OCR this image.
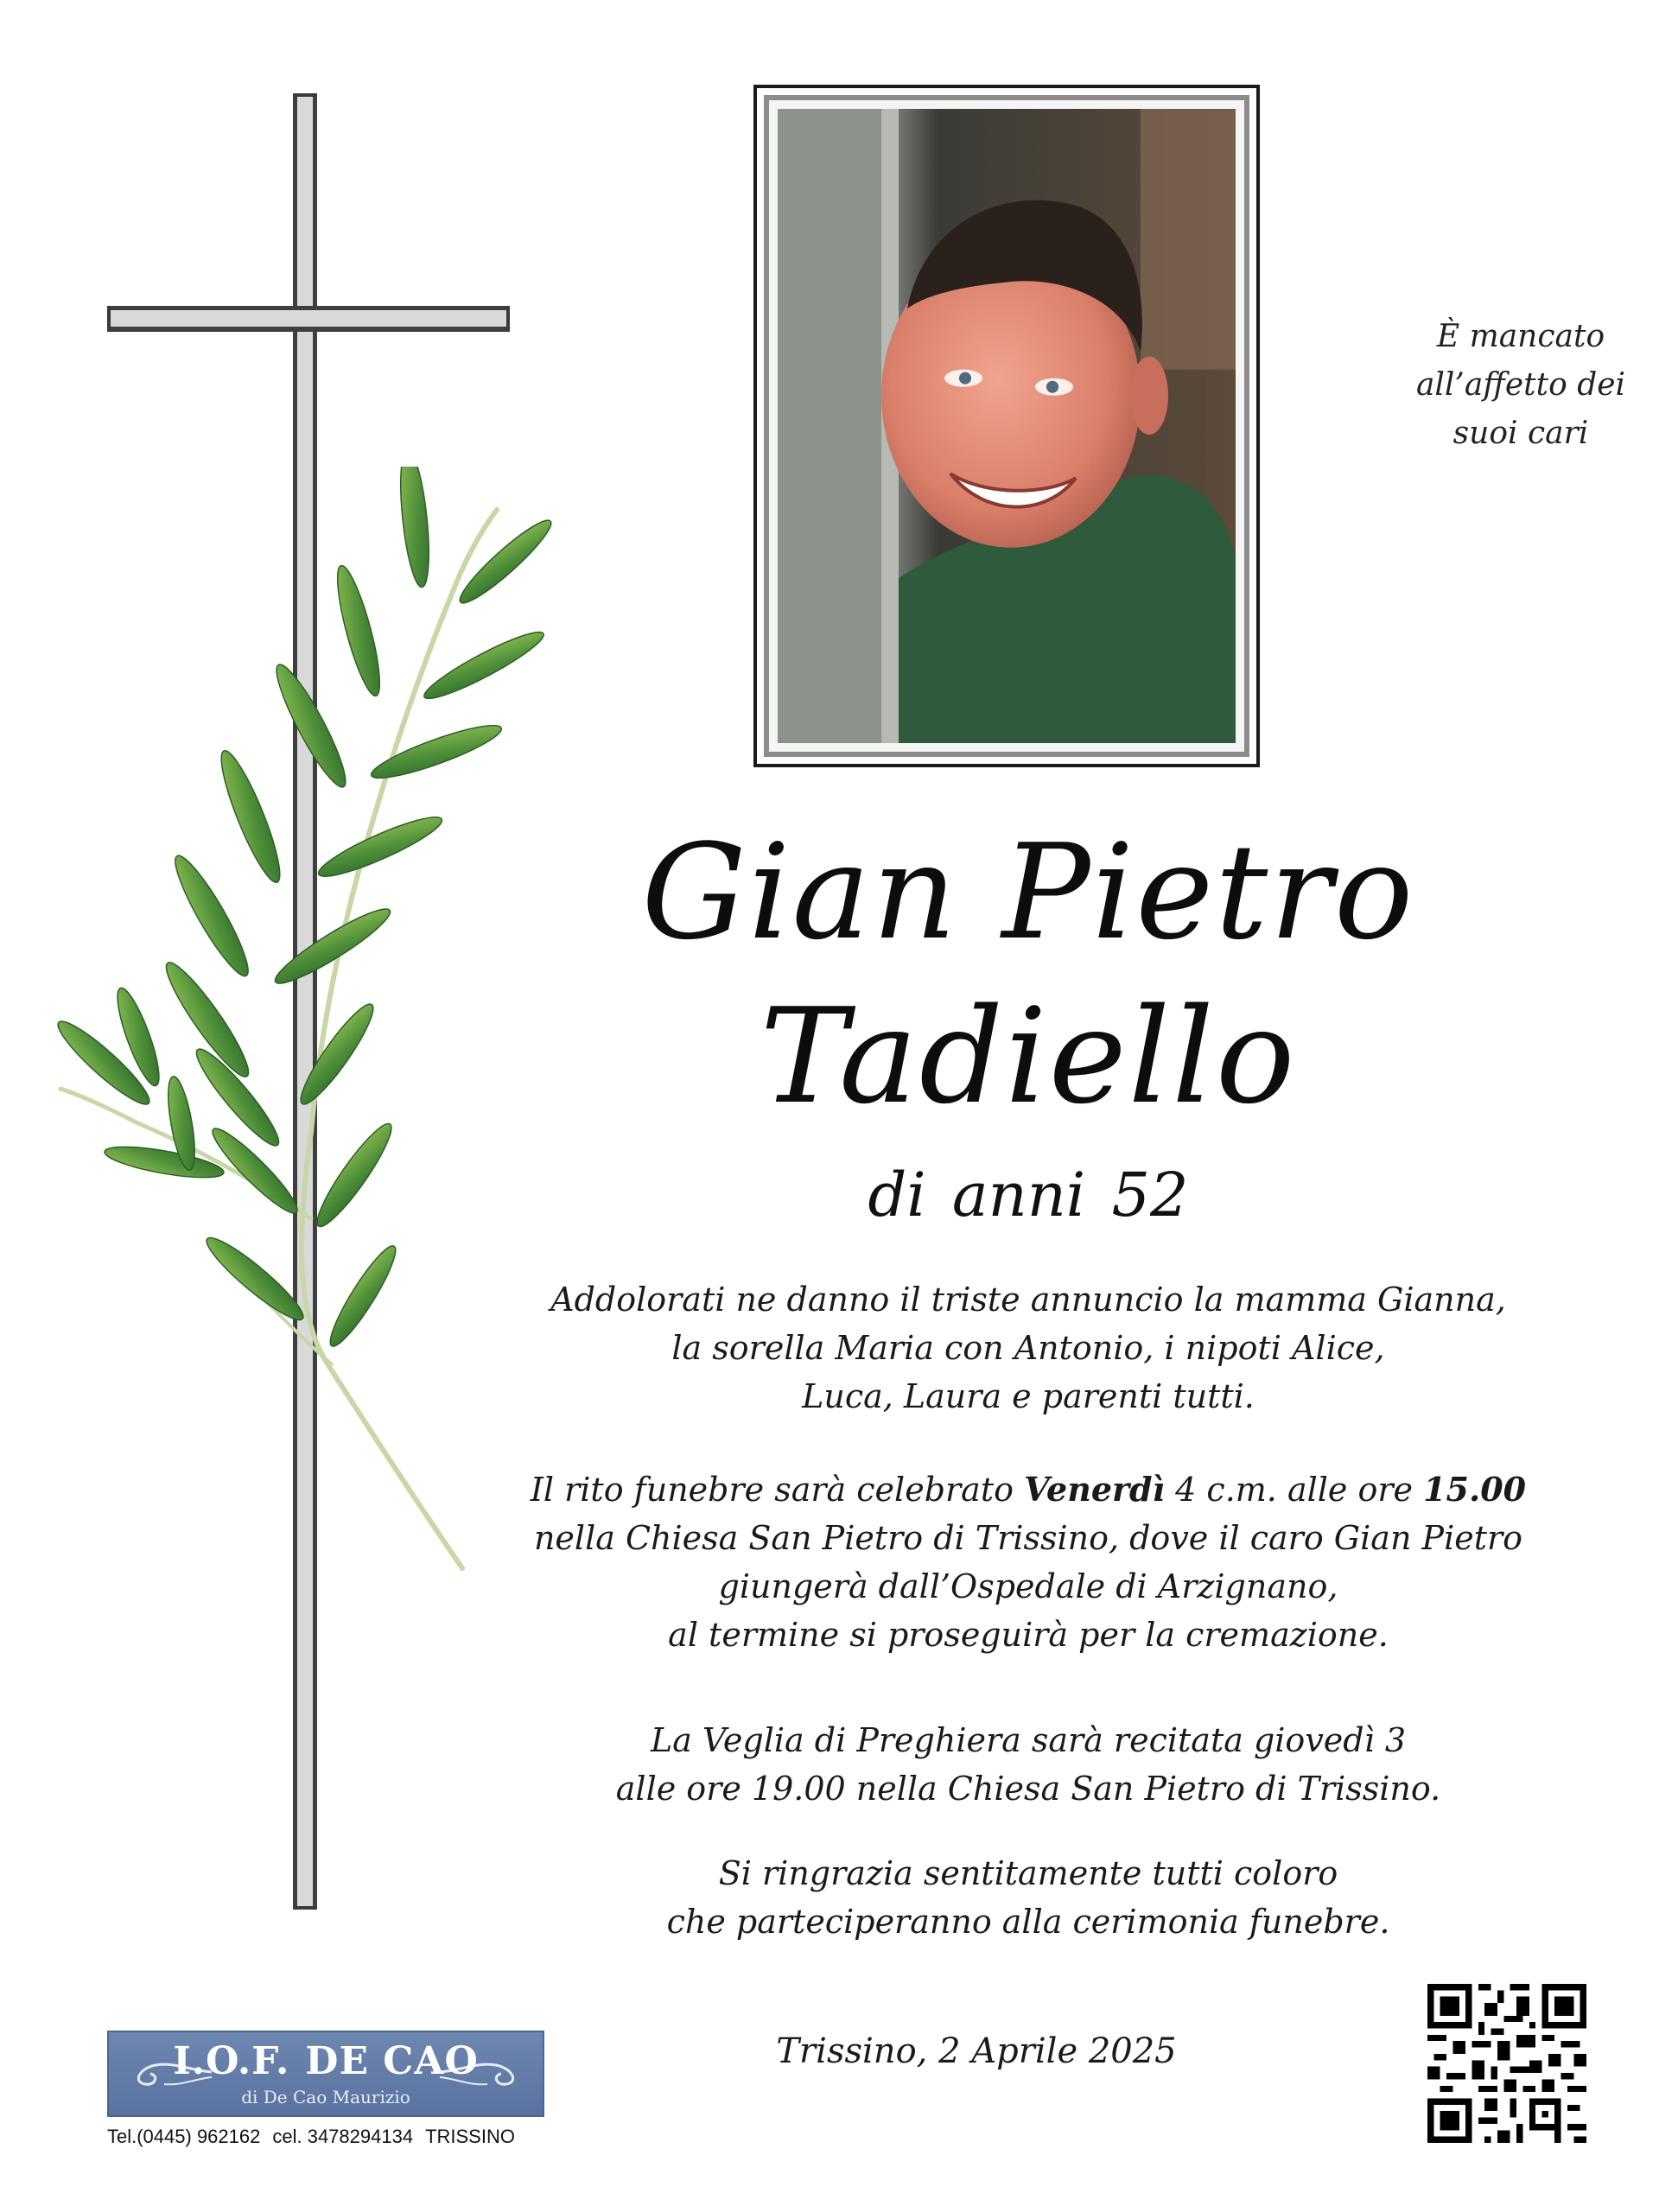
È mancato
all’affetto dei
suoi cari
Gian Pietro
Tadiello
di anni 52
Addolorati ne danno il triste annuncio la mamma Gianna,
la sorella Maria con Antonio, i nipoti Alice,
Luca, Laura e parenti tutti.
Il rito funebre sarà celebrato Venerdì 4 c.m. alle ore 15.00
nella Chiesa San Pietro di Trissino, dove il caro Gian Pietro
giungerà dall’Ospedale di Arzignano,
al termine si proseguirà per la cremazione.
La Veglia di Preghiera sarà recitata giovedì 3
alle ore 19.00 nella Chiesa San Pietro di Trissino.
Si ringrazia sentitamente tutti coloro
che parteciperanno alla cerimonia funebre.
Trissino, 2 Aprile 2025
I.O.F. DE CAO
di De Cao Maurizio
Tel.(0445) 962162 cel. 3478294134 TRISSINO
